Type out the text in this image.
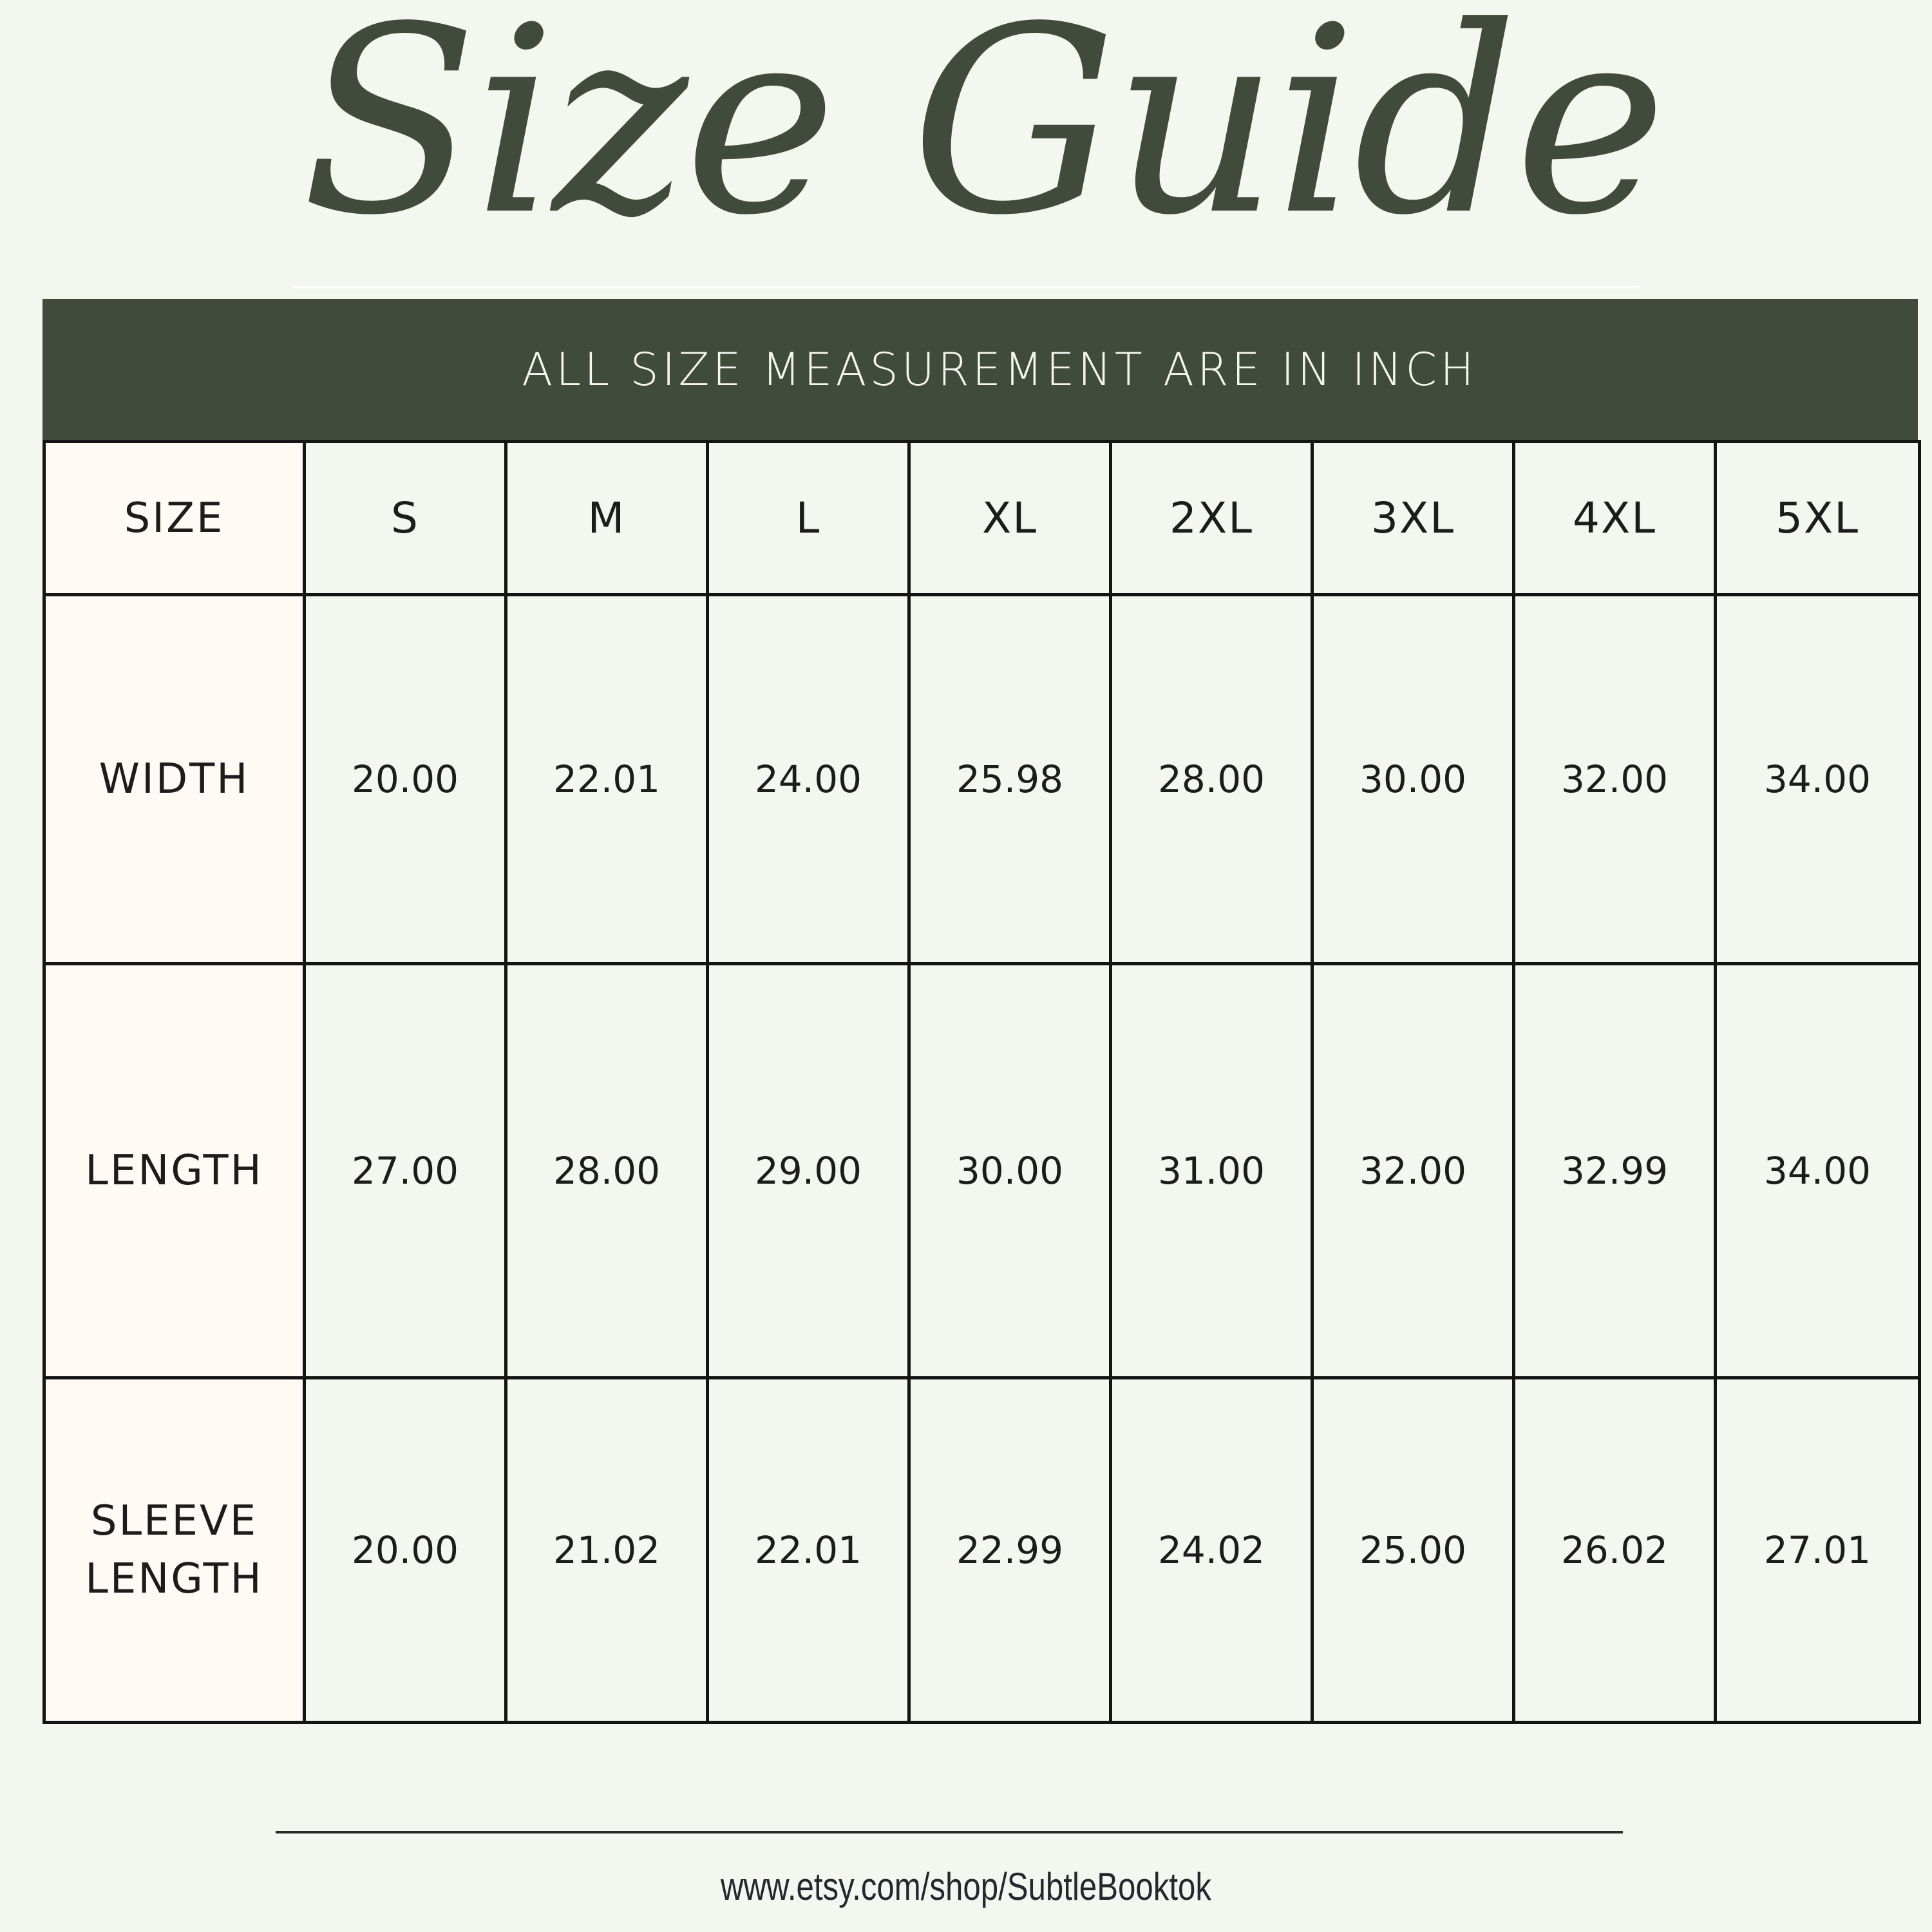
Size Guide
ALL SIZE MEASUREMENT ARE IN INCH
SIZE	S	M	L	XL	2XL	3XL	4XL	5XL
WIDTH	20.00	22.01	24.00	25.98	28.00	30.00	32.00	34.00
LENGTH	27.00	28.00	29.00	30.00	31.00	32.00	32.99	34.00
SLEEVE LENGTH	20.00	21.02	22.01	22.99	24.02	25.00	26.02	27.01
www.etsy.com/shop/SubtleBooktok
